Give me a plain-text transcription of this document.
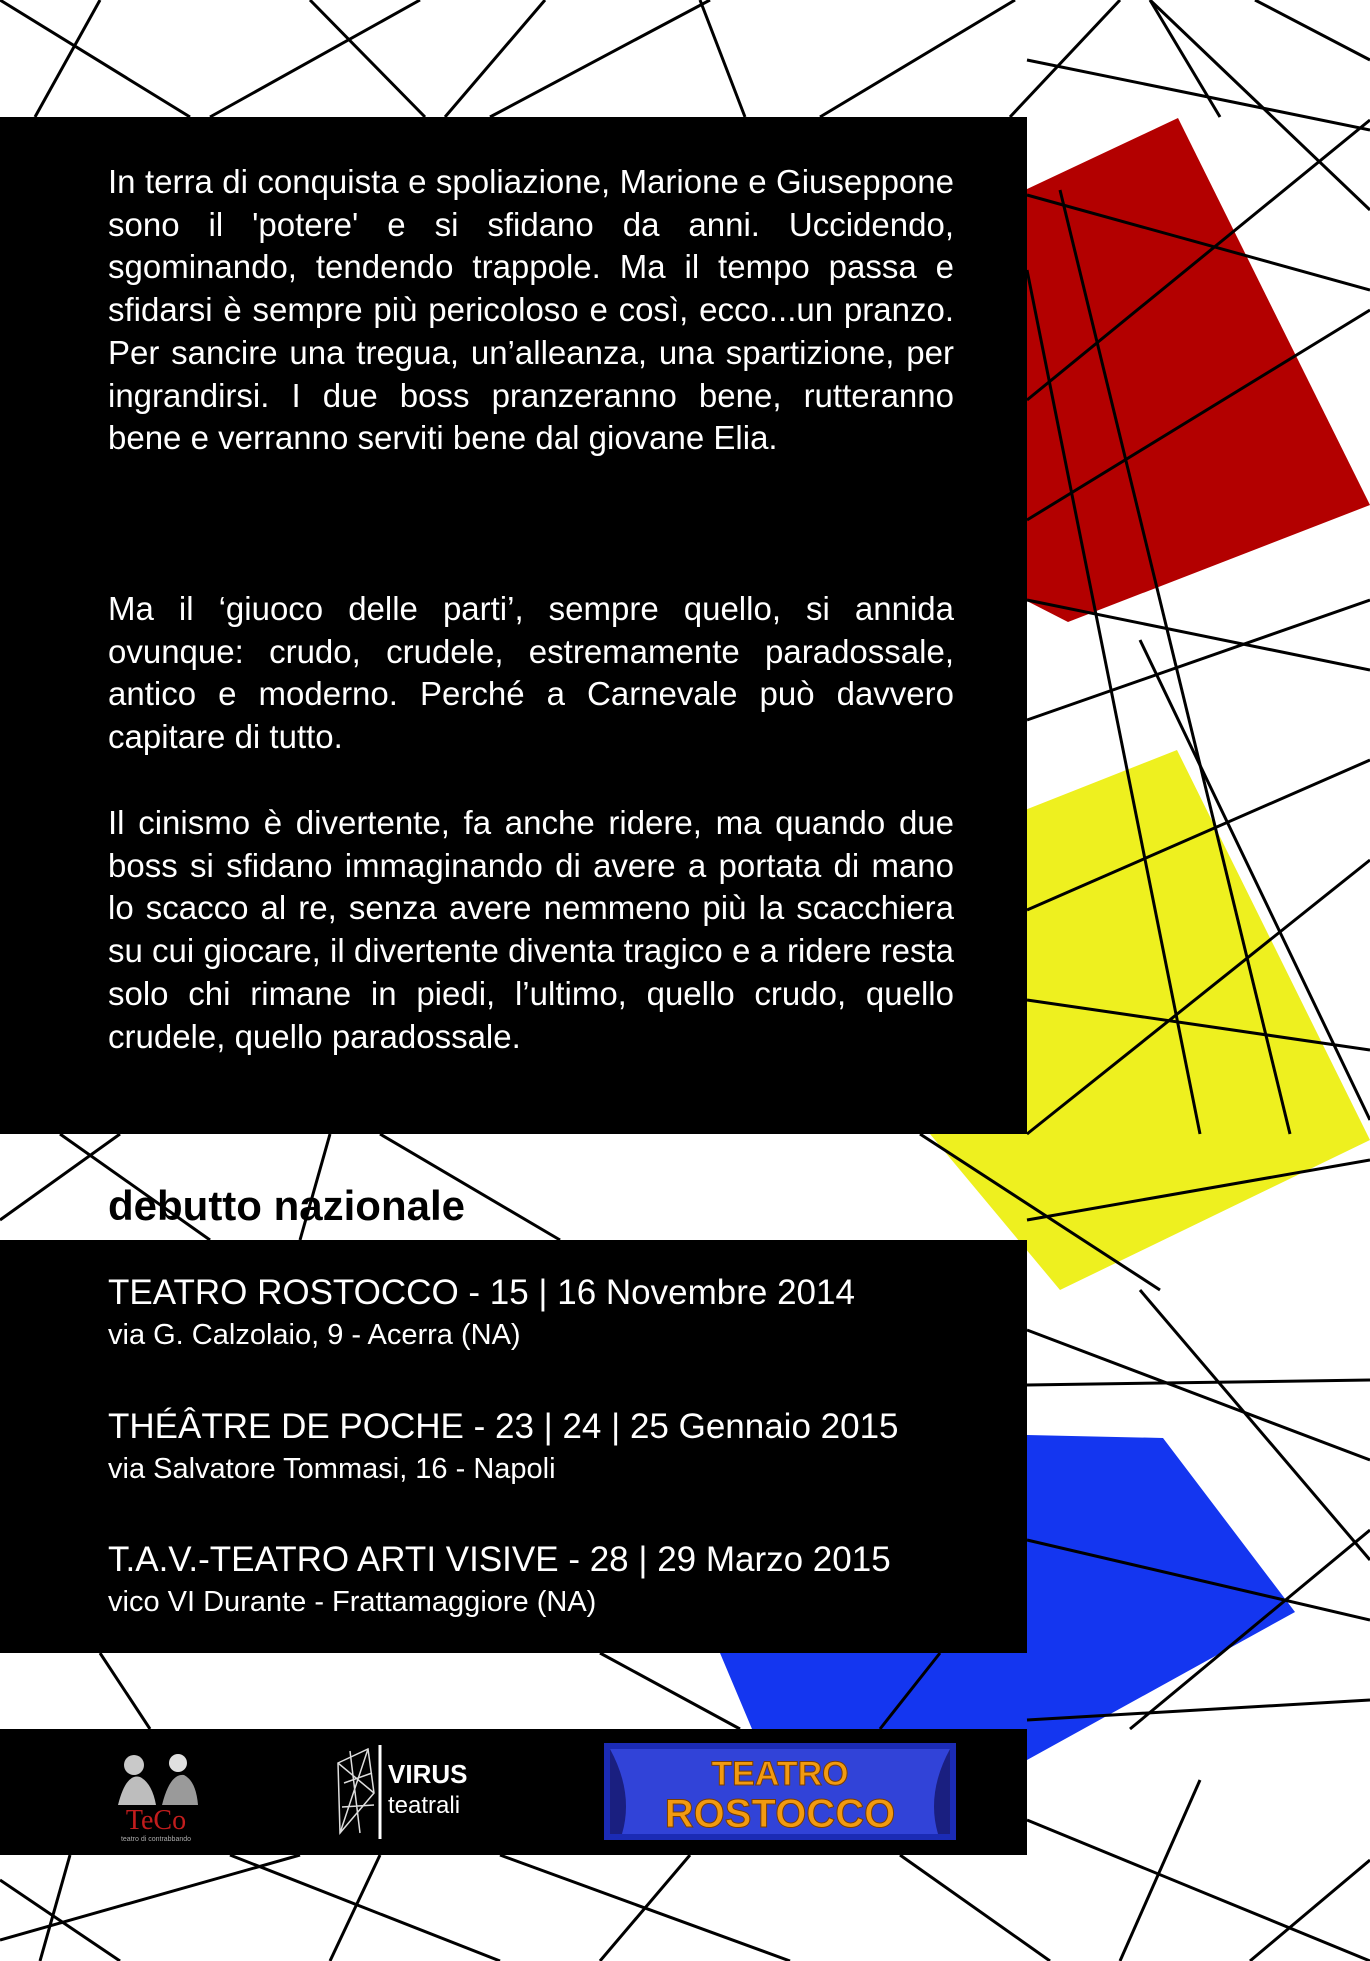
In terra di conquista e spoliazione, Marione e Giuseppone sono il 'potere' e si sfidano da anni. Uccidendo, sgominando, tendendo trappole. Ma il tempo passa e sfidarsi è sempre più pericoloso e così, ecco...un pranzo. Per sancire una tregua, un’alleanza, una spartizione, per ingrandirsi. I due boss pranzeranno bene, rutteranno bene e verranno serviti bene dal giovane Elia.

Ma il ‘giuoco delle parti’, sempre quello, si annida ovunque: crudo, crudele, estremamente paradossale, antico e moderno. Perché a Carnevale può davvero capitare di tutto.

Il cinismo è divertente, fa anche ridere, ma quando due boss si sfidano immaginando di avere a portata di mano lo scacco al re, senza avere nemmeno più la scacchiera su cui giocare, il divertente diventa tragico e a ridere resta solo chi rimane in piedi, l’ultimo, quello crudo, quello crudele, quello paradossale.

debutto nazionale
TEATRO ROSTOCCO - 15 | 16 Novembre 2014
via G. Calzolaio, 9 - Acerra (NA)
THÉÂTRE DE POCHE - 23 | 24 | 25 Gennaio 2015
via Salvatore Tommasi, 16 - Napoli
T.A.V.-TEATRO ARTI VISIVE - 28 | 29 Marzo 2015
vico VI Durante - Frattamaggiore (NA)
TeCo
teatro di contrabbando
VIRUS
teatrali
TEATRO
ROSTOCCO
